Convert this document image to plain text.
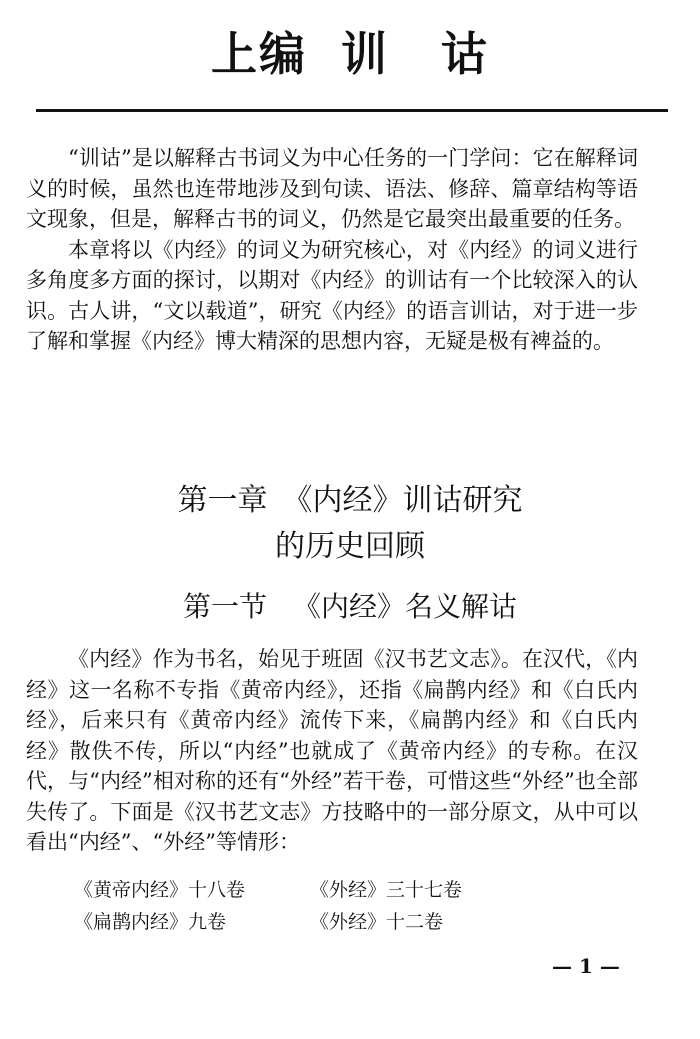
上编 训 诂

“训诂”是以解释古书词义为中心任务的一门学问：它在解释词义的时候，虽然也连带地涉及到句读、语法、修辞、篇章结构等语文现象，但是，解释古书的词义，仍然是它最突出最重要的任务。

本章将以《内经》的词义为研究核心，对《内经》的词义进行多角度多方面的探讨，以期对《内经》的训诂有一个比较深入的认识。古人讲，“文以载道”，研究《内经》的语言训诂，对于进一步了解和掌握《内经》博大精深的思想内容，无疑是极有裨益的。

第一章　《内经》训诂研究
的历史回顾
第一节 《内经》名义解诂

《内经》作为书名，始见于班固《汉书艺文志》。在汉代，《内经》这一名称不专指《黄帝内经》，还指《扁鹊内经》和《白氏内经》，后来只有《黄帝内经》流传下来，《扁鹊内经》和《白氏内经》散佚不传，所以“内经”也就成了《黄帝内经》的专称。在汉代，与“内经”相对称的还有“外经”若干卷，可惜这些“外经”也全部失传了。下面是《汉书艺文志》方技略中的一部分原文，从中可以看出“内经”、“外经”等情形：

《黄帝内经》十八卷	《外经》三十七卷
《扁鹊内经》九卷	《外经》十二卷
— 1 —
